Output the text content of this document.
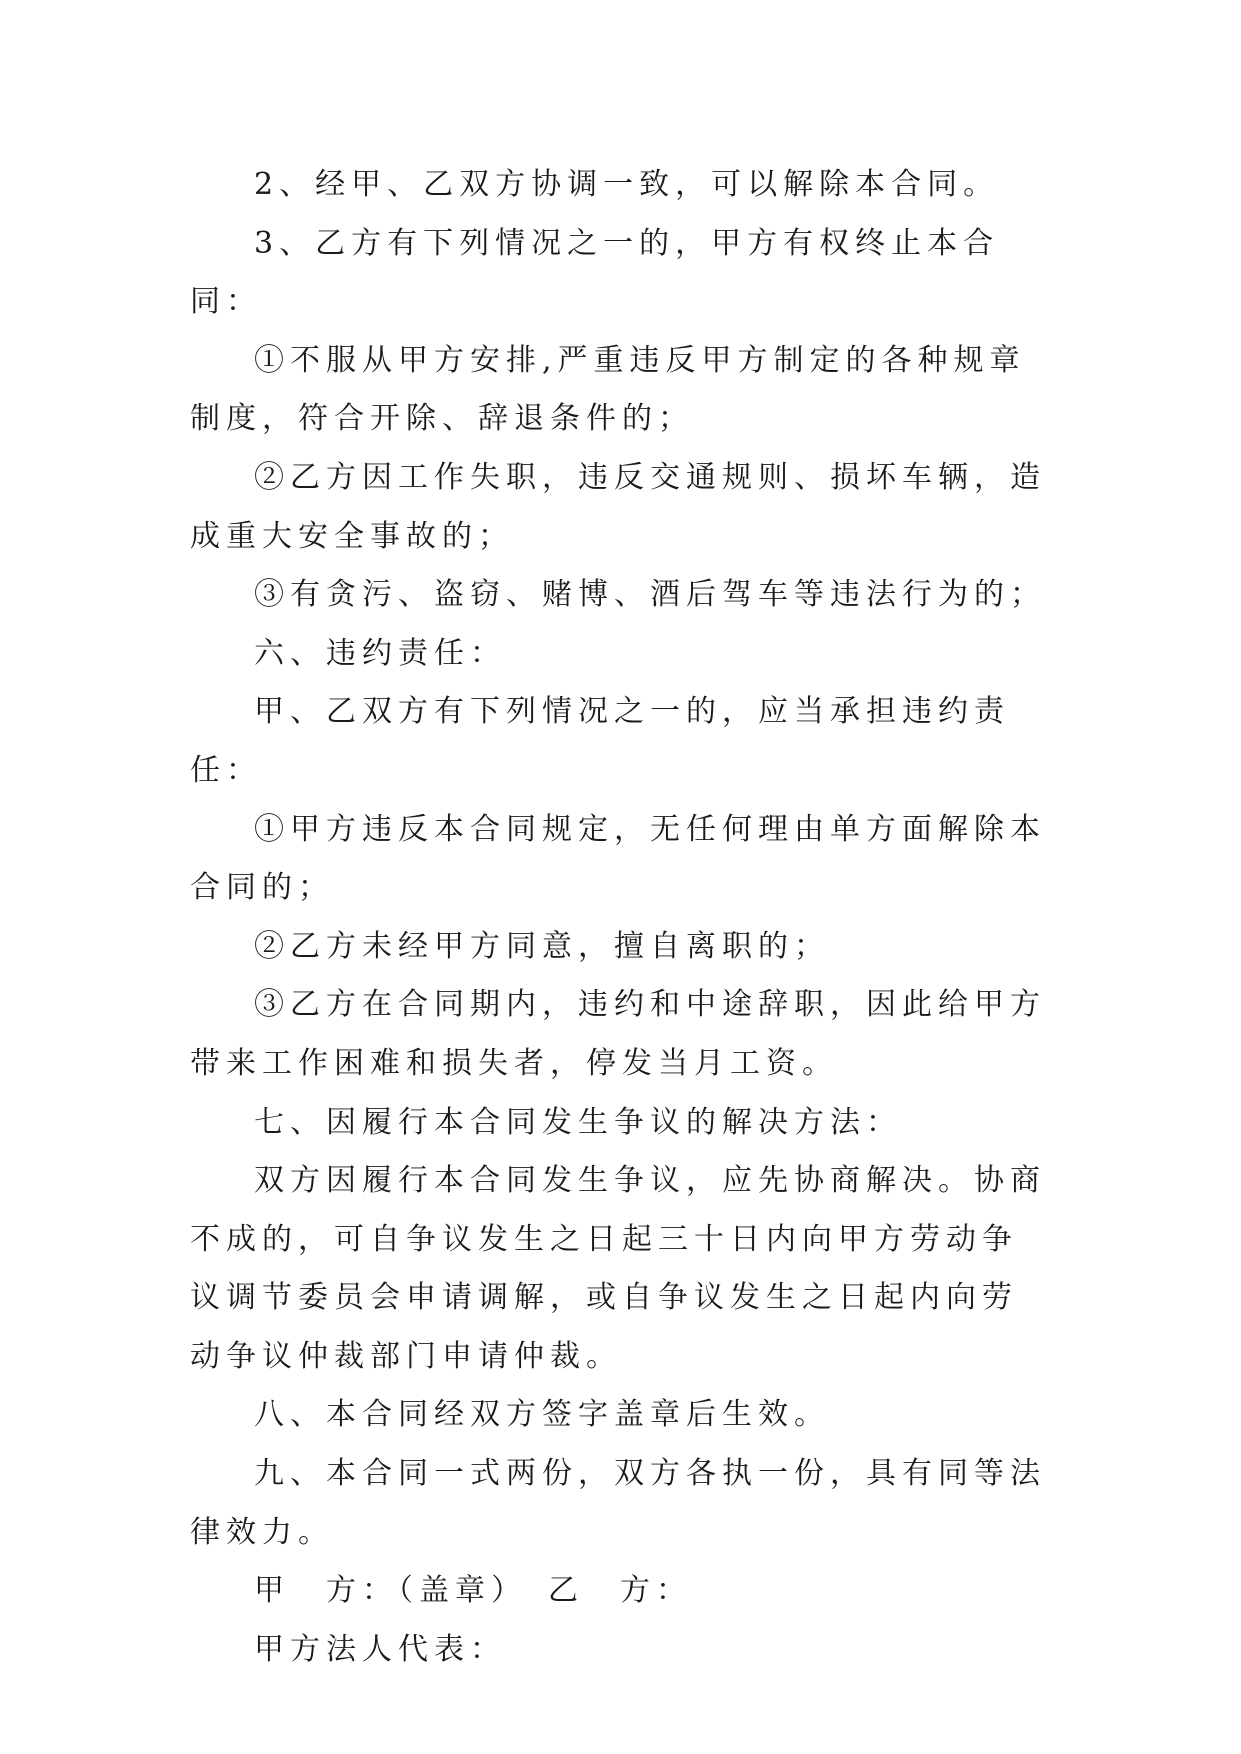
2、经甲、乙双方协调一致，可以解除本合同。

3、乙方有下列情况之一的，甲方有权终止本合同：

①不服从甲方安排,严重违反甲方制定的各种规章制度，符合开除、辞退条件的；

②乙方因工作失职，违反交通规则、损坏车辆，造成重大安全事故的；

③有贪污、盗窃、赌博、酒后驾车等违法行为的；

六、违约责任：

甲、乙双方有下列情况之一的，应当承担违约责任：

①甲方违反本合同规定，无任何理由单方面解除本合同的；

②乙方未经甲方同意，擅自离职的；

③乙方在合同期内，违约和中途辞职，因此给甲方带来工作困难和损失者，停发当月工资。

七、因履行本合同发生争议的解决方法：

双方因履行本合同发生争议，应先协商解决。协商不成的，可自争议发生之日起三十日内向甲方劳动争议调节委员会申请调解，或自争议发生之日起内向劳动争议仲裁部门申请仲裁。

八、本合同经双方签字盖章后生效。

九、本合同一式两份，双方各执一份，具有同等法律效力。

甲　方：（盖章）　乙　方：

甲方法人代表：
